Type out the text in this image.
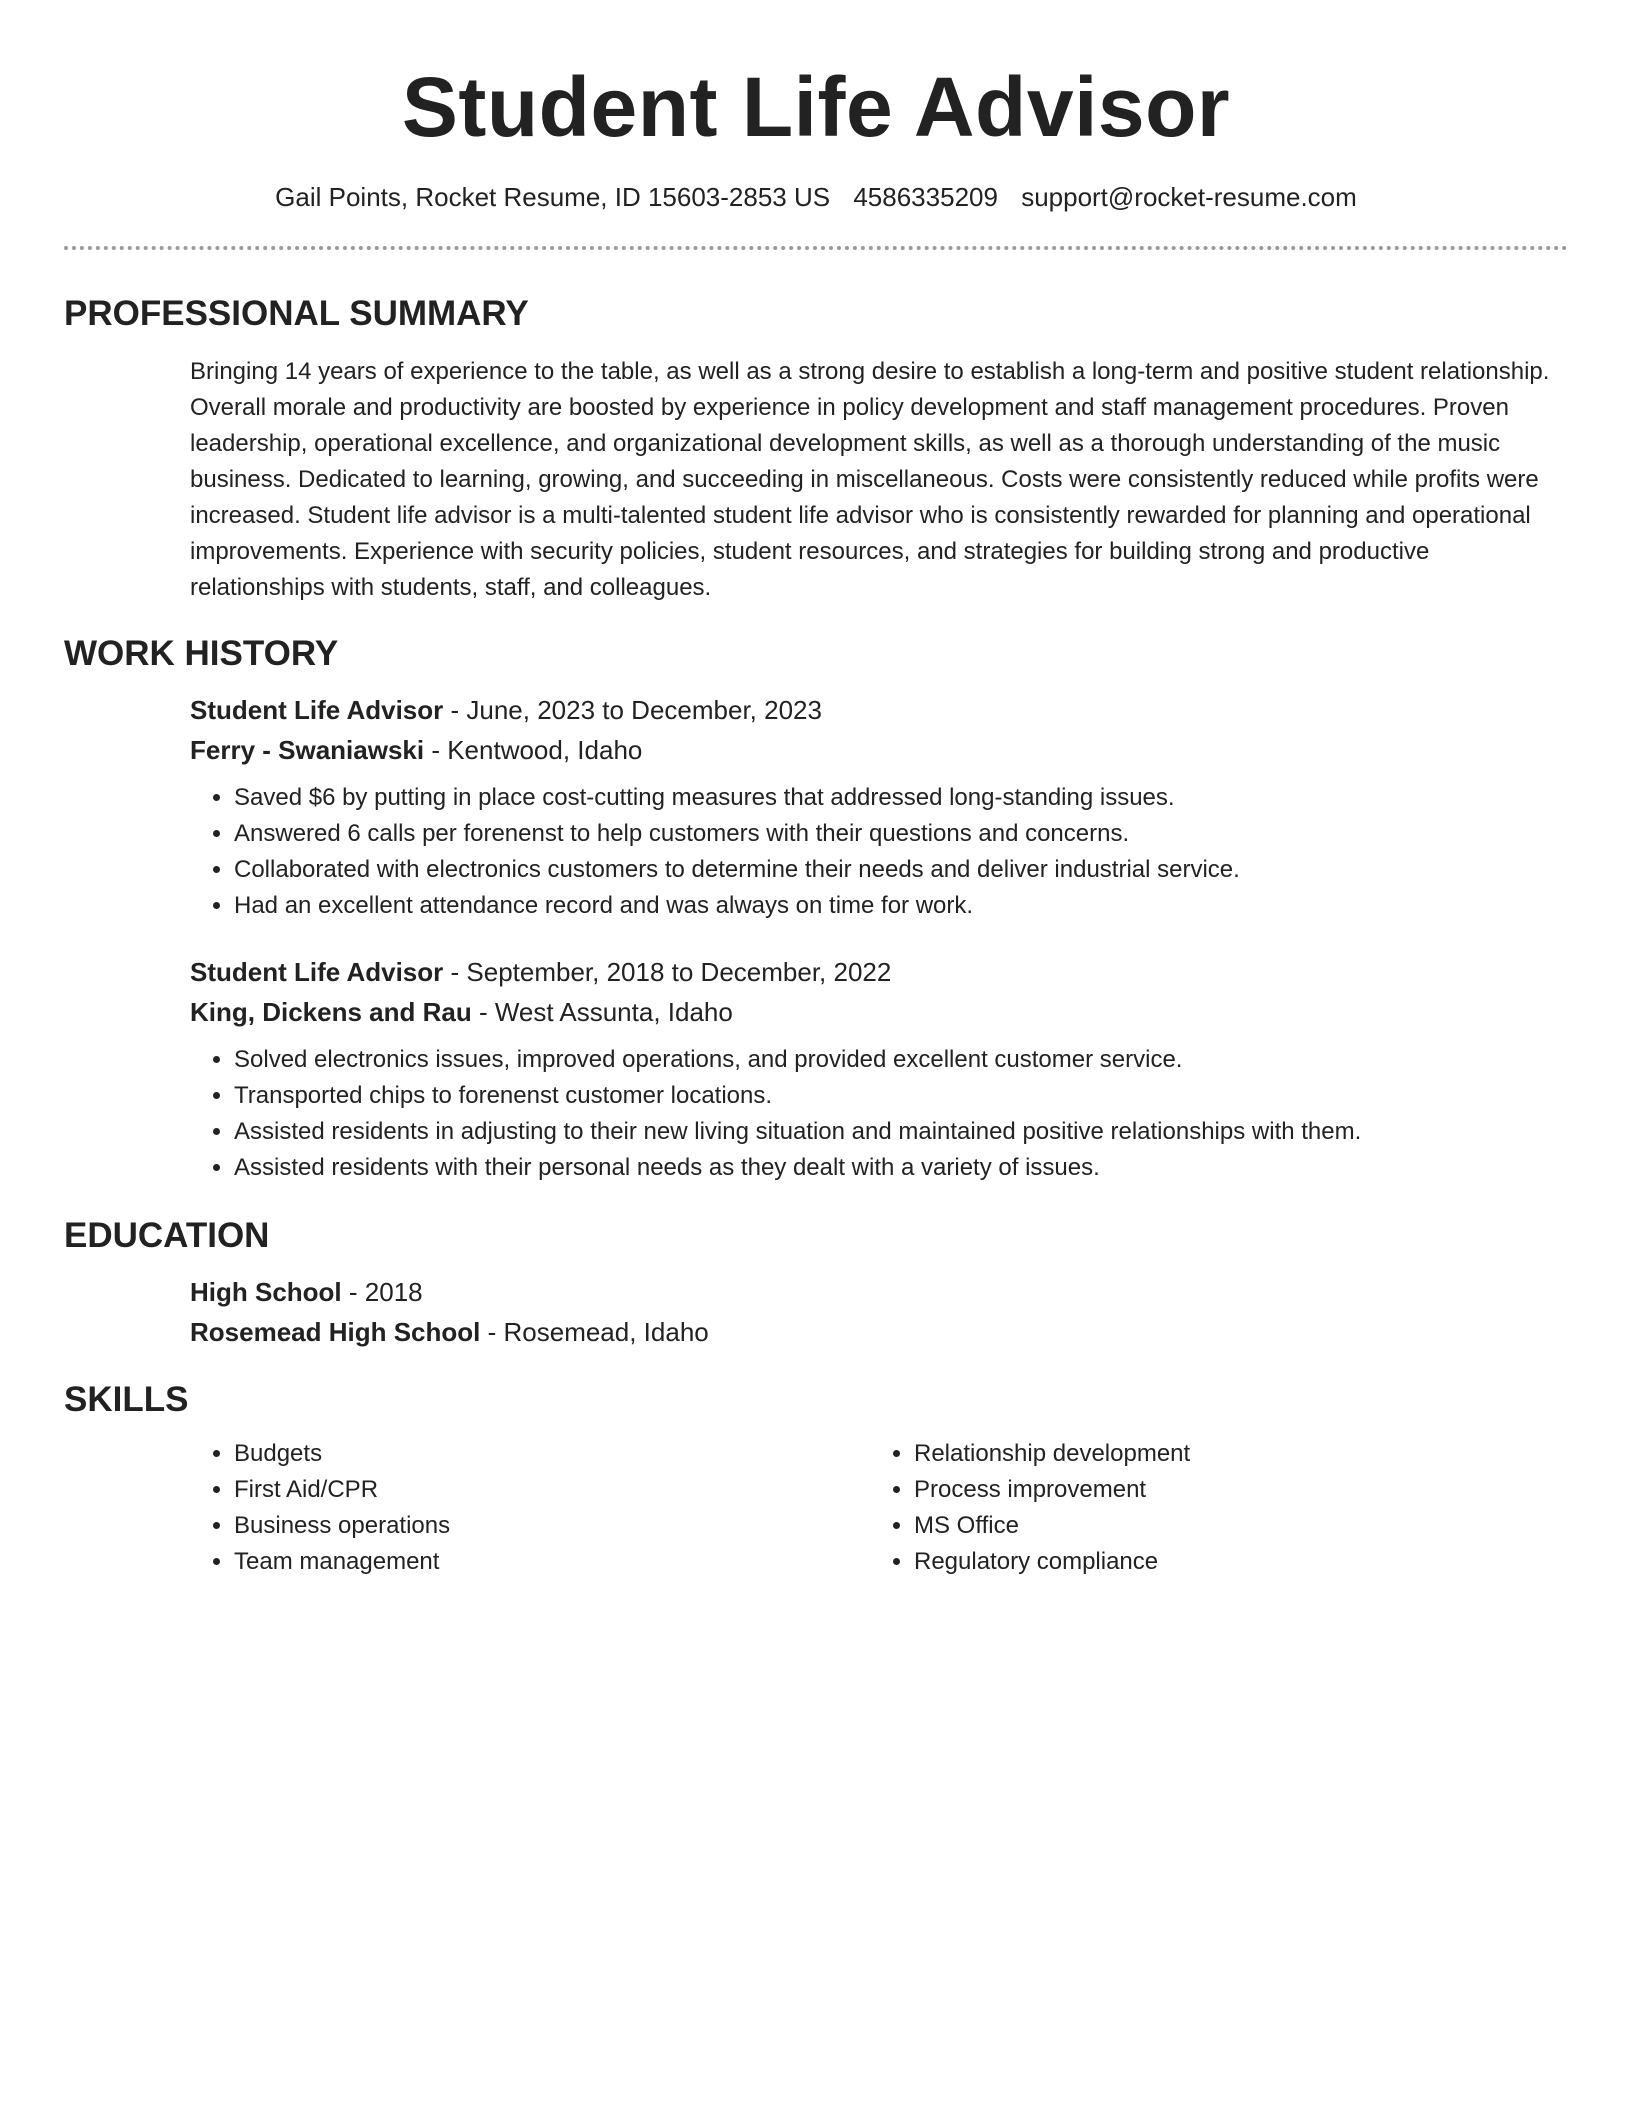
Student Life Advisor
Gail Points, Rocket Resume, ID 15603-2853 US 4586335209 support@rocket-resume.com
PROFESSIONAL SUMMARY
Bringing 14 years of experience to the table, as well as a strong desire to establish a long-term and positive student relationship. Overall morale and productivity are boosted by experience in policy development and staff management procedures. Proven leadership, operational excellence, and organizational development skills, as well as a thorough understanding of the music business. Dedicated to learning, growing, and succeeding in miscellaneous. Costs were consistently reduced while profits were increased. Student life advisor is a multi-talented student life advisor who is consistently rewarded for planning and operational improvements. Experience with security policies, student resources, and strategies for building strong and productive relationships with students, staff, and colleagues.
WORK HISTORY
Student Life Advisor - June, 2023 to December, 2023
Ferry - Swaniawski - Kentwood, Idaho
• Saved $6 by putting in place cost-cutting measures that addressed long-standing issues.
• Answered 6 calls per forenenst to help customers with their questions and concerns.
• Collaborated with electronics customers to determine their needs and deliver industrial service.
• Had an excellent attendance record and was always on time for work.
Student Life Advisor - September, 2018 to December, 2022
King, Dickens and Rau - West Assunta, Idaho
• Solved electronics issues, improved operations, and provided excellent customer service.
• Transported chips to forenenst customer locations.
• Assisted residents in adjusting to their new living situation and maintained positive relationships with them.
• Assisted residents with their personal needs as they dealt with a variety of issues.
EDUCATION
High School - 2018
Rosemead High School - Rosemead, Idaho
SKILLS
• Budgets
• First Aid/CPR
• Business operations
• Team management
• Relationship development
• Process improvement
• MS Office
• Regulatory compliance
